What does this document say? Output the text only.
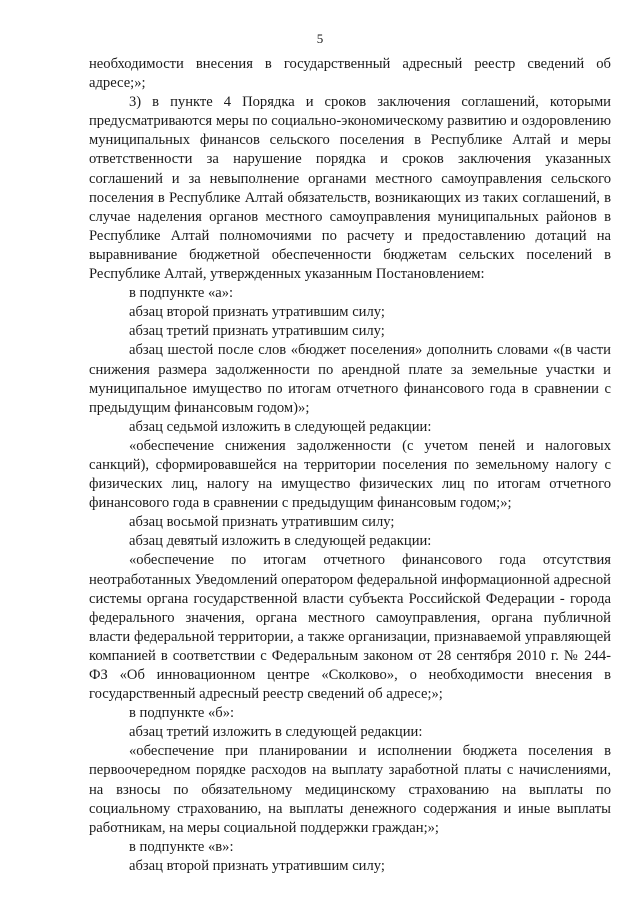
5

необходимости внесения в государственный адресный реестр сведений об адресе;»;

3) в пункте 4 Порядка и сроков заключения соглашений, которыми предусматриваются меры по социально-экономическому развитию и оздоровлению муниципальных финансов сельского поселения в Республике Алтай и меры ответственности за нарушение порядка и сроков заключения указанных соглашений и за невыполнение органами местного самоуправления сельского поселения в Республике Алтай обязательств, возникающих из таких соглашений, в случае наделения органов местного самоуправления муниципальных районов в Республике Алтай полномочиями по расчету и предоставлению дотаций на выравнивание бюджетной обеспеченности бюджетам сельских поселений в Республике Алтай, утвержденных указанным Постановлением:

в подпункте «а»:

абзац второй признать утратившим силу;

абзац третий признать утратившим силу;

абзац шестой после слов «бюджет поселения» дополнить словами «(в части снижения размера задолженности по арендной плате за земельные участки и муниципальное имущество по итогам отчетного финансового года в сравнении с предыдущим финансовым годом)»;

абзац седьмой изложить в следующей редакции:

«обеспечение снижения задолженности (с учетом пеней и налоговых санкций), сформировавшейся на территории поселения по земельному налогу с физических лиц, налогу на имущество физических лиц по итогам отчетного финансового года в сравнении с предыдущим финансовым годом;»;

абзац восьмой признать утратившим силу;

абзац девятый изложить в следующей редакции:

«обеспечение по итогам отчетного финансового года отсутствия неотработанных Уведомлений оператором федеральной информационной адресной системы органа государственной власти субъекта Российской Федерации - города федерального значения, органа местного самоуправления, органа публичной власти федеральной территории, а также организации, признаваемой управляющей компанией в соответствии с Федеральным законом от 28 сентября 2010 г. № 244-ФЗ «Об инновационном центре «Сколково», о необходимости внесения в государственный адресный реестр сведений об адресе;»;

в подпункте «б»:

абзац третий изложить в следующей редакции:

«обеспечение при планировании и исполнении бюджета поселения в первоочередном порядке расходов на выплату заработной платы с начислениями, на взносы по обязательному медицинскому страхованию на выплаты по социальному страхованию, на выплаты денежного содержания и иные выплаты работникам, на меры социальной поддержки граждан;»;

в подпункте «в»:

абзац второй признать утратившим силу;
